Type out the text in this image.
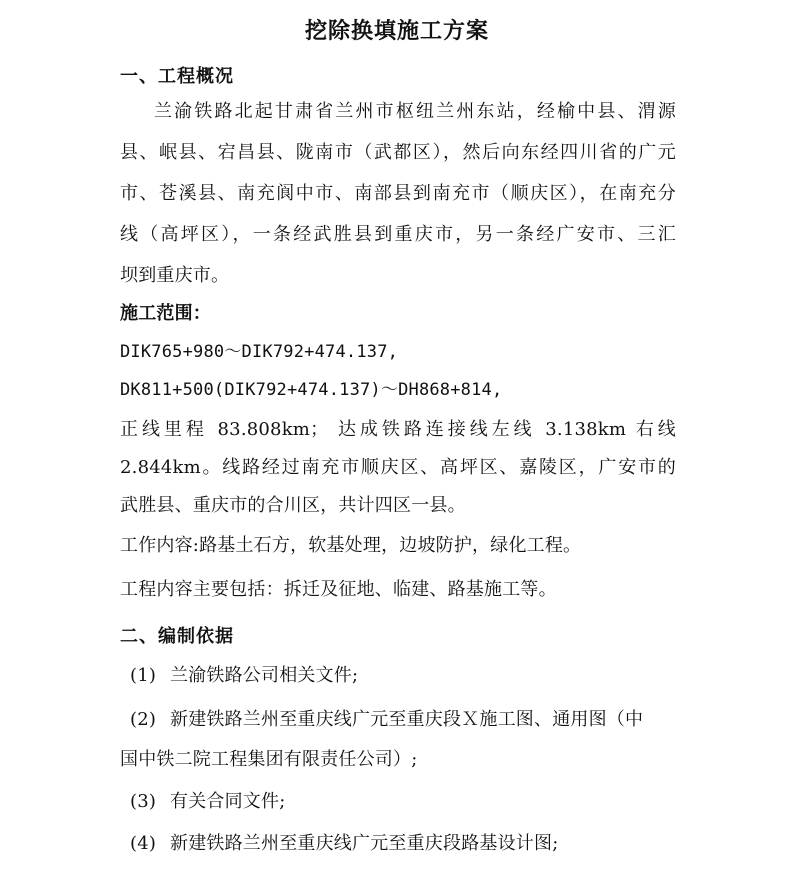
挖除换填施工方案
一、工程概况
兰渝铁路北起甘肃省兰州市枢纽兰州东站，经榆中县、渭源
县、岷县、宕昌县、陇南市（武都区），然后向东经四川省的广元
市、苍溪县、南充阆中市、南部县到南充市（顺庆区），在南充分
线（高坪区），一条经武胜县到重庆市，另一条经广安市、三汇
坝到重庆市。
施工范围：
DIK765+980～DIK792+474.137,
DK811+500(DIK792+474.137)～DH868+814,
正线里程 83.808km； 达成铁路连接线左线 3.138km 右线
2.844km。线路经过南充市顺庆区、高坪区、嘉陵区，广安市的
武胜县、重庆市的合川区，共计四区一县。
工作内容:路基土石方，软基处理，边坡防护，绿化工程。
工程内容主要包括：拆迁及征地、临建、路基施工等。
二、编制依据
(1) 兰渝铁路公司相关文件;
(2) 新建铁路兰州至重庆线广元至重庆段Ｘ施工图、通用图（中
国中铁二院工程集团有限责任公司）;
(3) 有关合同文件;
(4) 新建铁路兰州至重庆线广元至重庆段路基设计图;
